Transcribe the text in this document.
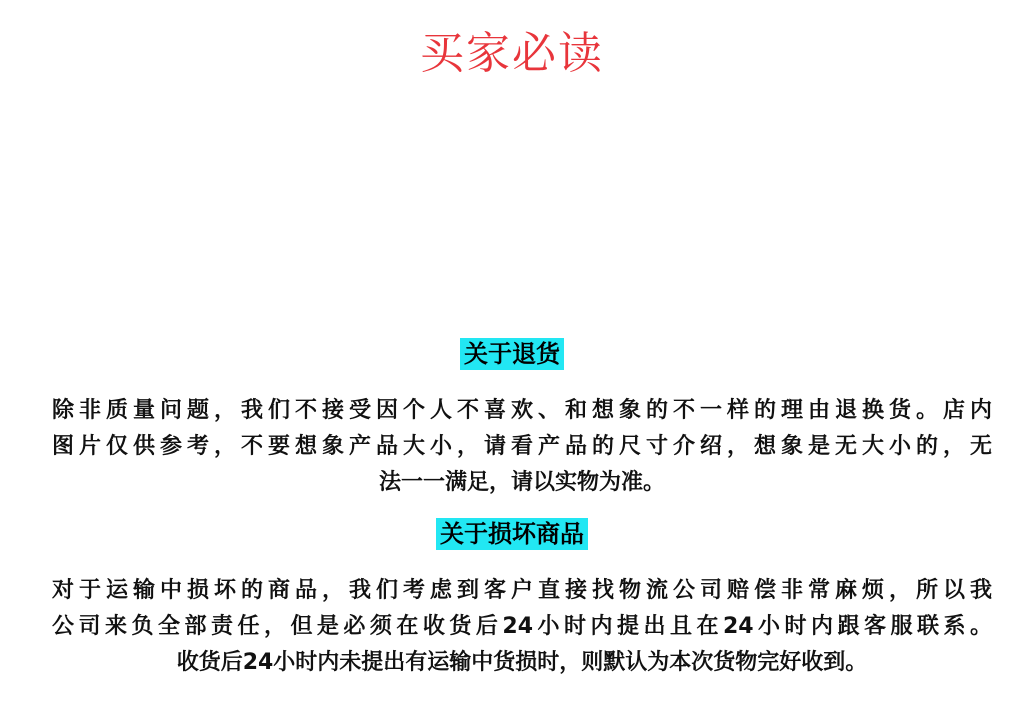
买家必读
关于退货
除非质量问题，我们不接受因个人不喜欢、和想象的不一样的理由退换货。店内
图片仅供参考，不要想象产品大小，请看产品的尺寸介绍，想象是无大小的，无
法一一满足，请以实物为准。
关于损坏商品
对于运输中损坏的商品，我们考虑到客户直接找物流公司赔偿非常麻烦，所以我
公司来负全部责任，但是必须在收货后24小时内提出且在24小时内跟客服联系。
收货后24小时内未提出有运输中货损时，则默认为本次货物完好收到。
